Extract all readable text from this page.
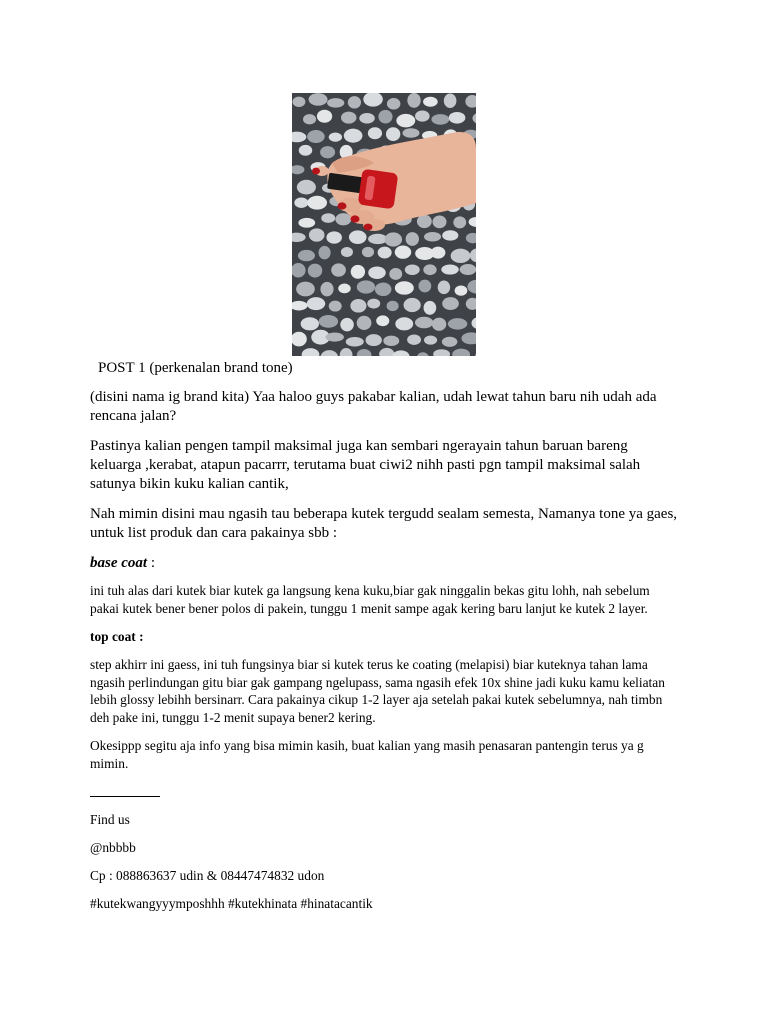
POST 1 (perkenalan brand tone)
(disini nama ig brand kita) Yaa haloo guys pakabar kalian, udah lewat tahun baru nih udah ada rencana jalan?
Pastinya kalian pengen tampil maksimal juga kan sembari ngerayain tahun baruan bareng keluarga ,kerabat, atapun pacarrr, terutama buat ciwi2 nihh pasti pgn tampil maksimal salah satunya bikin kuku kalian cantik,
Nah mimin disini mau ngasih tau beberapa kutek tergudd sealam semesta, Namanya tone ya gaes, untuk list produk dan cara pakainya sbb :
base coat :
ini tuh alas dari kutek biar kutek ga langsung kena kuku,biar gak ninggalin bekas gitu lohh, nah sebelum pakai kutek bener bener polos di pakein, tunggu 1 menit sampe agak kering baru lanjut ke kutek 2 layer.
top coat :
step akhirr ini gaess, ini tuh fungsinya biar si kutek terus ke coating (melapisi) biar kuteknya tahan lama ngasih perlindungan gitu biar gak gampang ngelupass, sama ngasih efek 10x shine jadi kuku kamu keliatan lebih glossy lebihh bersinarr. Cara pakainya cikup 1-2 layer aja setelah pakai kutek sebelumnya, nah timbn deh pake ini, tunggu 1-2 menit supaya bener2 kering.
Okesippp segitu aja info yang bisa mimin kasih, buat kalian yang masih penasaran pantengin terus ya g mimin.
Find us
@nbbbb
Cp : 088863637 udin & 08447474832 udon
#kutekwangyyymposhhh #kutekhinata #hinatacantik
